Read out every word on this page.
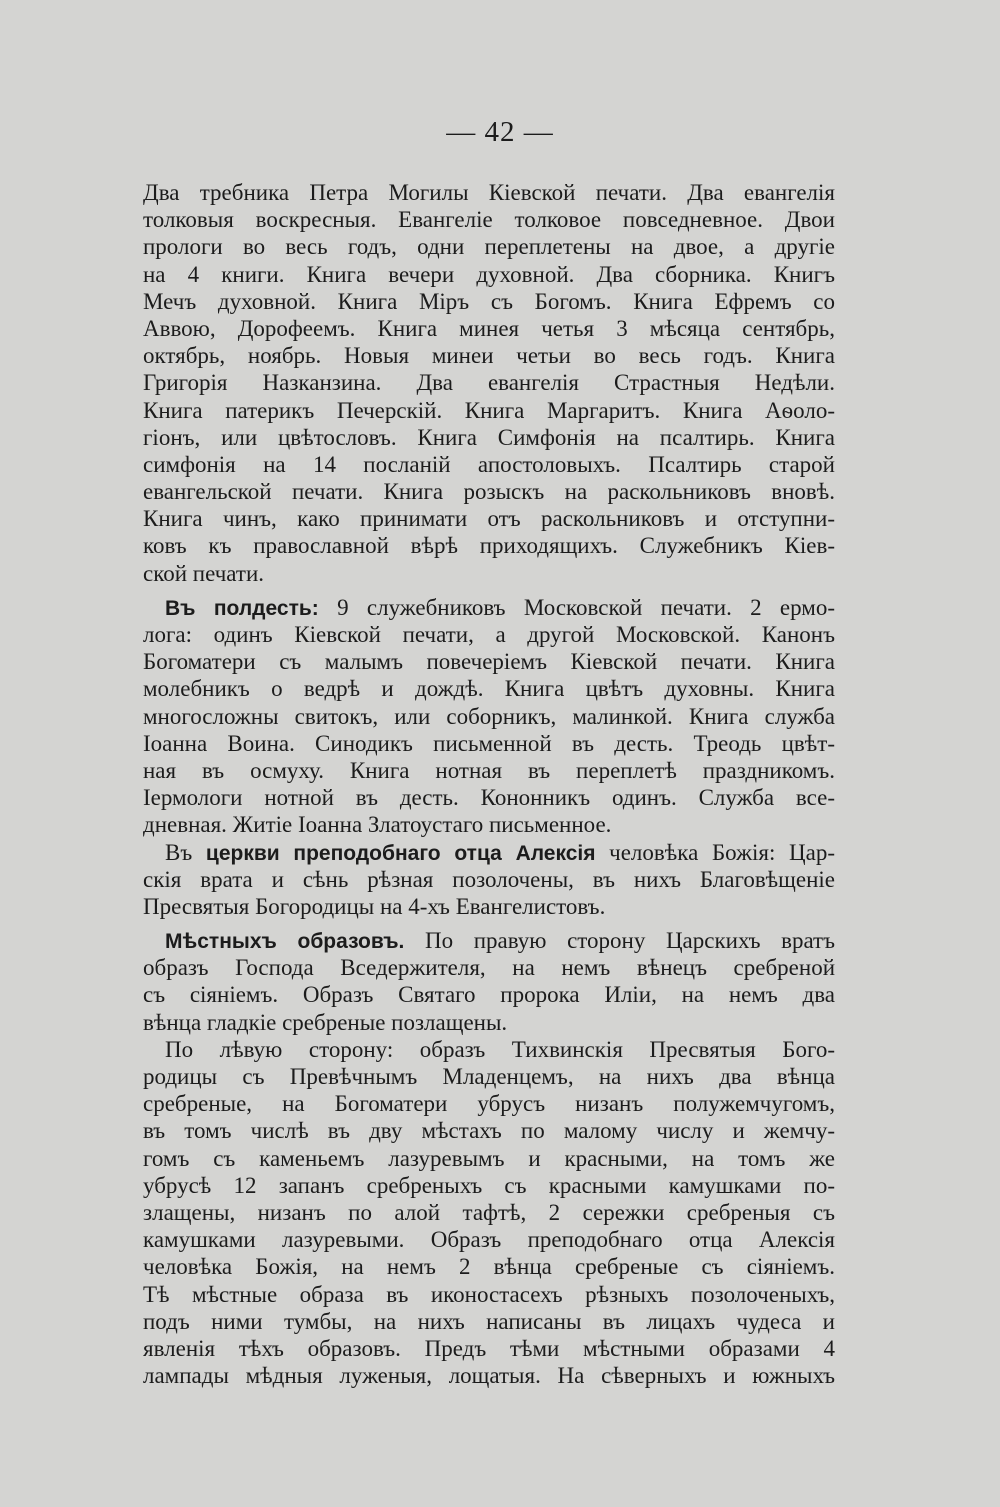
— 42 —
Два требника Петра Могилы Кіевской печати. Два евангелія
толковыя воскресныя. Евангеліе толковое повседневное. Двои
прологи во весь годъ, одни переплетены на двое, а другіе
на 4 книги. Книга вечери духовной. Два сборника. Книгъ
Мечъ духовной. Книга Міръ съ Богомъ. Книга Ефремъ со
Аввою, Дорофеемъ. Книга минея четья 3 мѣсяца сентябрь,
октябрь, ноябрь. Новыя минеи четьи во весь годъ. Книга
Григорія Назканзина. Два евангелія Страстныя Недѣли.
Книга патерикъ Печерскій. Книга Маргаритъ. Книга Аѳоло-
гіонъ, или цвѣтословъ. Книга Симфонія на псалтирь. Книга
симфонія на 14 посланій апостоловыхъ. Псалтирь старой
евангельской печати. Книга розыскъ на раскольниковъ вновѣ.
Книга чинъ, како принимати отъ раскольниковъ и отступни-
ковъ къ православной вѣрѣ приходящихъ. Служебникъ Кіев-
ской печати.
Въ полдесть: 9 служебниковъ Московской печати. 2 ермо-
лога: одинъ Кіевской печати, а другой Московской. Канонъ
Богоматери съ малымъ повечеріемъ Кіевской печати. Книга
молебникъ о ведрѣ и дождѣ. Книга цвѣтъ духовны. Книга
многосложны свитокъ, или соборникъ, малинкой. Книга служба
Іоанна Воина. Синодикъ письменной въ десть. Треодь цвѣт-
ная въ осмуху. Книга нотная въ переплетѣ праздникомъ.
Іермологи нотной въ десть. Кононникъ одинъ. Служба все-
дневная. Житіе Іоанна Златоустаго письменное.
Въ церкви преподобнаго отца Алексія человѣка Божія: Цар-
скія врата и сѣнь рѣзная позолочены, въ нихъ Благовѣщеніе
Пресвятыя Богородицы на 4-хъ Евангелистовъ.
Мѣстныхъ образовъ. По правую сторону Царскихъ вратъ
образъ Господа Вседержителя, на немъ вѣнецъ сребреной
съ сіяніемъ. Образъ Святаго пророка Иліи, на немъ два
вѣнца гладкіе сребреные позлащены.
По лѣвую сторону: образъ Тихвинскія Пресвятыя Бого-
родицы съ Превѣчнымъ Младенцемъ, на нихъ два вѣнца
сребреные, на Богоматери убрусъ низанъ полужемчугомъ,
въ томъ числѣ въ дву мѣстахъ по малому числу и жемчу-
гомъ съ каменьемъ лазуревымъ и красными, на томъ же
убрусѣ 12 запанъ сребреныхъ съ красными камушками по-
злащены, низанъ по алой тафтѣ, 2 сережки сребреныя съ
камушками лазуревыми. Образъ преподобнаго отца Алексія
человѣка Божія, на немъ 2 вѣнца сребреные съ сіяніемъ.
Тѣ мѣстные образа въ иконостасехъ рѣзныхъ позолоченыхъ,
подъ ними тумбы, на нихъ написаны въ лицахъ чудеса и
явленія тѣхъ образовъ. Предъ тѣми мѣстными образами 4
лампады мѣдныя луженыя, лощатыя. На сѣверныхъ и южныхъ
